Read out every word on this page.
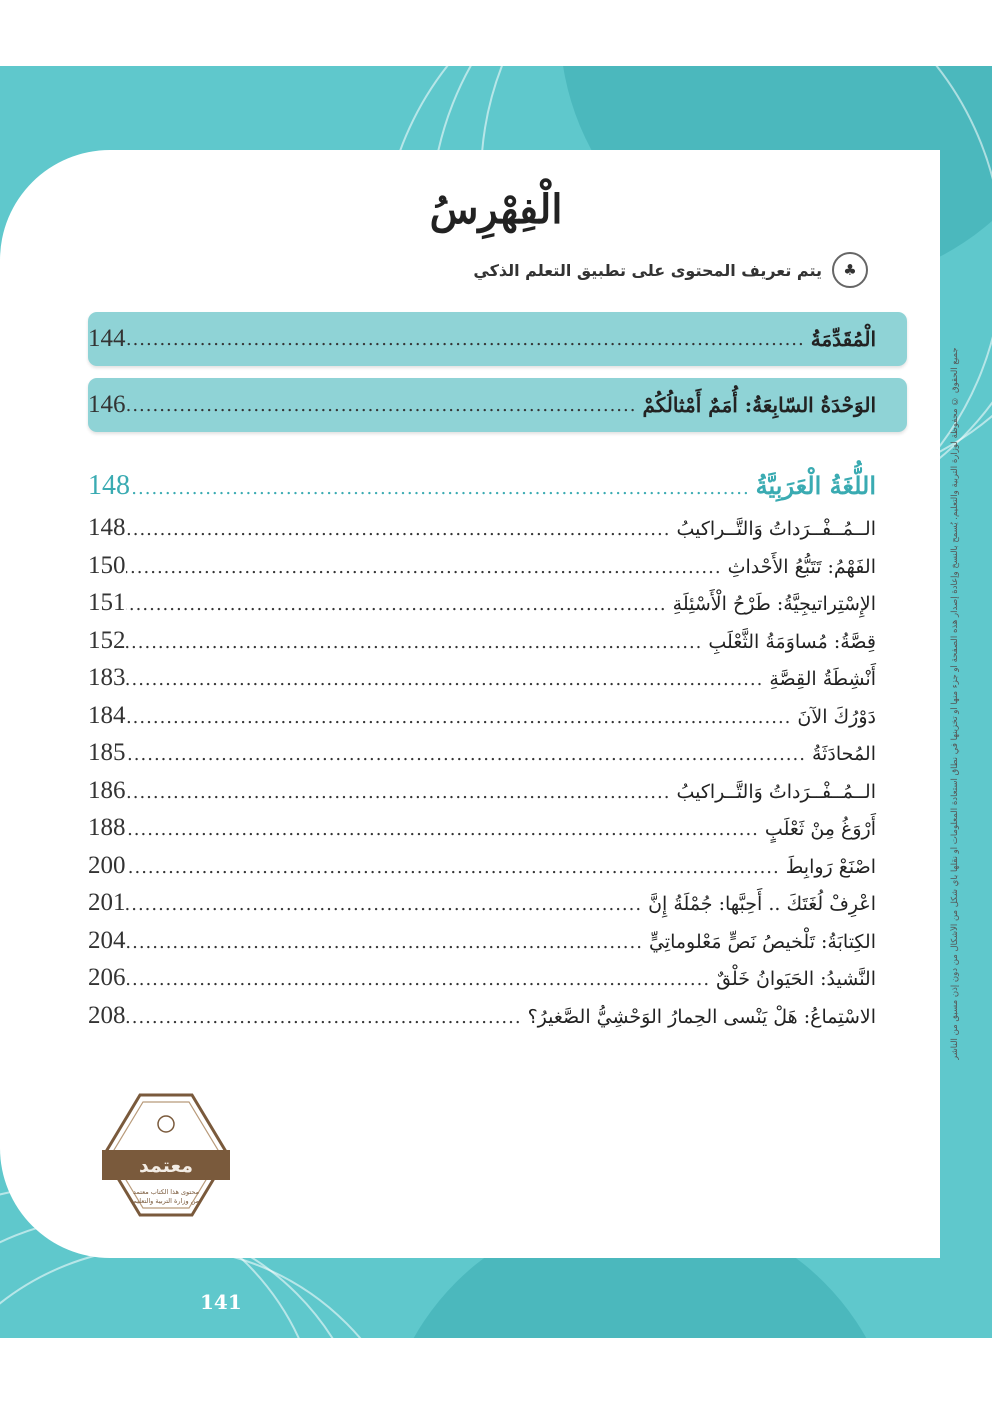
جميع الحقوق © محفوظة لوزارة التربية والتعليم. يُسمح بالنسخ وإعادة إصدار هذه الصفحة أو جزء منها أو تخزينها في نطاق استعادة المعلومات أو نقلها بأي شكل من الأشكال من دون إذن مسبق من الناشر
الْفِهْرِسُ
♣
يتم تعريف المحتوى على تطبيق التعلم الذكي
الْمُقَدِّمَةُ
.....
144
الوَحْدَةُ السّابِعَةُ: أُمَمٌ أَمْثالُكُمْ
.....
146
اللُّغَةُ الْعَرَبِيَّةُ
.....
148
الــمُــفْــرَداتُ وَالتَّــراكيبُ
.....
148
الفَهْمُ: تَتَبُّعُ الأَحْداثِ
.....
150
الإِسْتِراتيجِيَّةُ: طَرْحُ الْأَسْئِلَةِ
.....
151
قِصَّةُ: مُساوَمَةُ الثَّعْلَبِ
.....
152
أَنْشِطَةُ القِصَّةِ
.....
183
دَوْرُكَ الآنَ
.....
184
المُحادَثَةُ
.....
185
الــمُــفْــرَداتُ وَالتَّــراكيبُ
.....
186
أَرْوَغُ مِنْ ثَعْلَبٍ
.....
188
اصْنَعْ رَوابِطَ
.....
200
اعْرِفْ لُغَتَكَ .. أَحِبَّها: جُمْلَةُ إِنَّ
.....
201
الكِتابَةُ: تَلْخيصُ نَصٍّ مَعْلوماتِيٍّ
.....
204
النَّشيدُ: الحَيَوانُ خَلْقٌ
.....
206
الاسْتِماعُ: هَلْ يَنْسى الحِمارُ الوَحْشِيُّ الصَّغيرُ؟
.....
208
معتمد
محتوى هذا الكتاب معتمد
من وزارة التربية والتعليم
141
